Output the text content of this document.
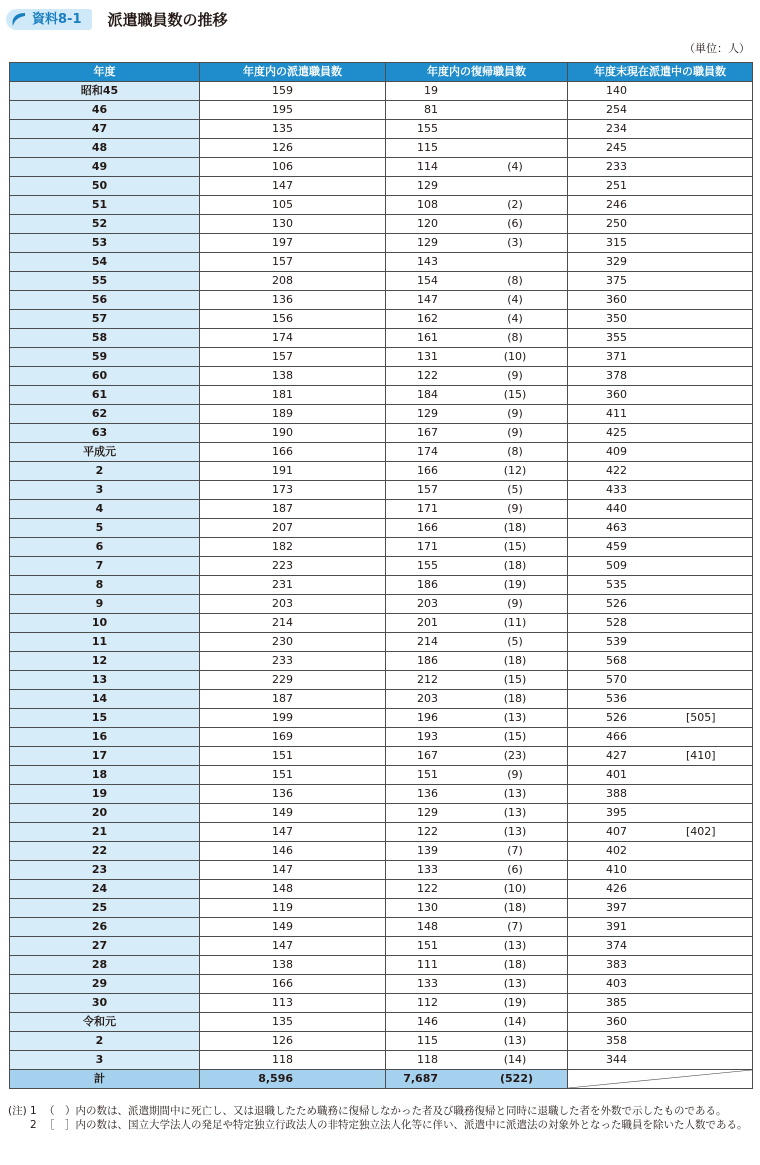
資料8-1	派遣職員数の推移
（単位：人）
年度	年度内の派遣職員数	年度内の復帰職員数	年度末現在派遣中の職員数
昭和45	159	19	140

46	195	81	254

47	135	155	234

48	126	115	245

49	106	114 (4)	233

50	147	129	251

51	105	108 (2)	246

52	130	120 (6)	250

53	197	129 (3)	315

54	157	143	329

55	208	154 (8)	375

56	136	147 (4)	360

57	156	162 (4)	350

58	174	161 (8)	355

59	157	131 (10)	371

60	138	122 (9)	378

61	181	184 (15)	360

62	189	129 (9)	411

63	190	167 (9)	425

平成元	166	174 (8)	409

2	191	166 (12)	422

3	173	157 (5)	433

4	187	171 (9)	440

5	207	166 (18)	463

6	182	171 (15)	459

7	223	155 (18)	509

8	231	186 (19)	535

9	203	203 (9)	526

10	214	201 (11)	528

11	230	214 (5)	539

12	233	186 (18)	568

13	229	212 (15)	570

14	187	203 (18)	536

15	199	196 (13)	526 [505]

16	169	193 (15)	466

17	151	167 (23)	427 [410]

18	151	151 (9)	401

19	136	136 (13)	388

20	149	129 (13)	395

21	147	122 (13)	407 [402]

22	146	139 (7)	402

23	147	133 (6)	410

24	148	122 (10)	426

25	119	130 (18)	397

26	149	148 (7)	391

27	147	151 (13)	374

28	138	111 (18)	383

29	166	133 (13)	403

30	113	112 (19)	385

令和元	135	146 (14)	360

2	126	115 (13)	358

3	118	118 (14)	344

計	8,596	7,687 (522)

(注) 1 （　）内の数は、派遣期間中に死亡し、又は退職したため職務に復帰しなかった者及び職務復帰と同時に退職した者を外数で示したものである。
2 ［　］内の数は、国立大学法人の発足や特定独立行政法人の非特定独立法人化等に伴い、派遣中に派遣法の対象外となった職員を除いた人数である。
